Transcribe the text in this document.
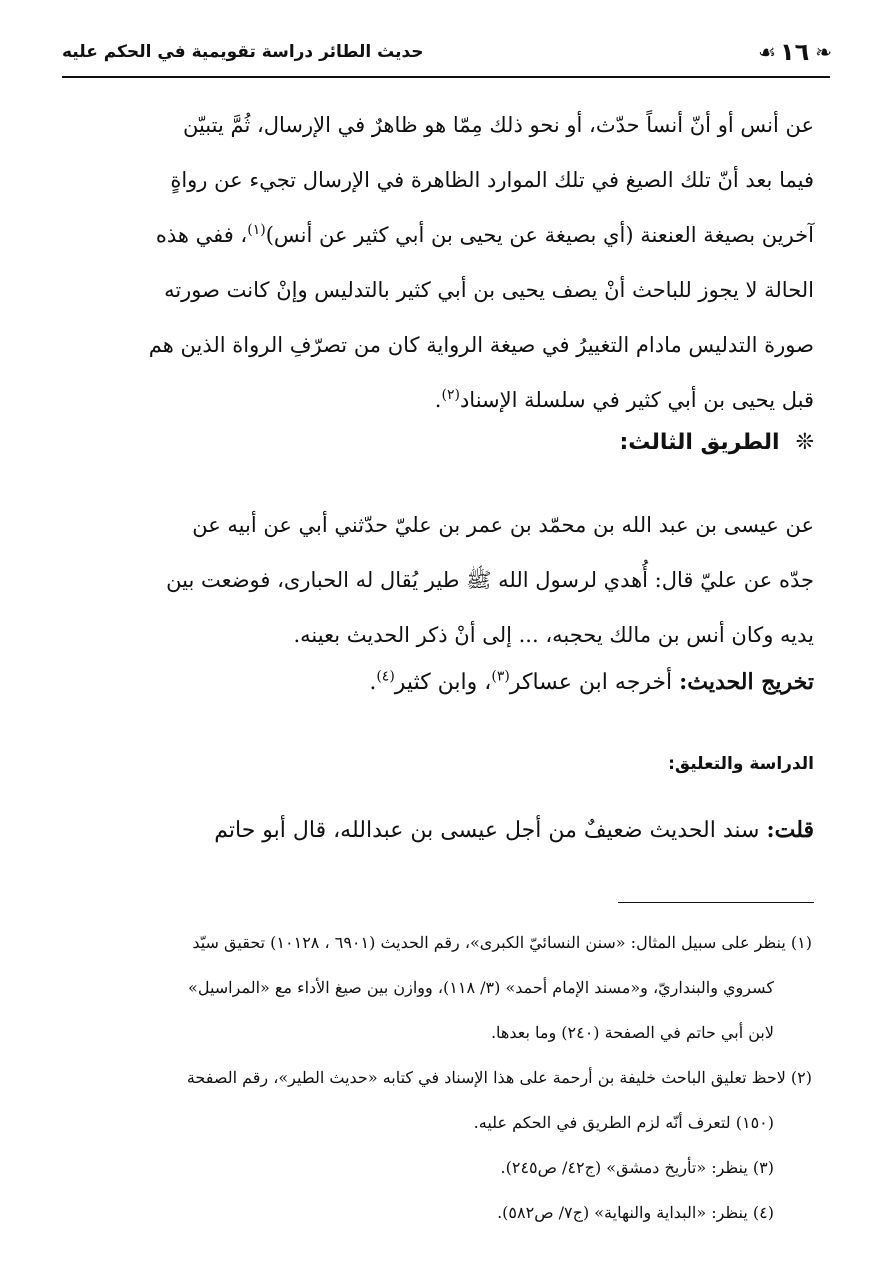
❧
١٦
☙
حديث الطائر دراسة تقويمية في الحكم عليه
عن أنس أو أنّ أنساً حدّث، أو نحو ذلك مِمّا هو ظاهرٌ في الإرسال، ثُمَّ يتبيّن
فيما بعد أنّ تلك الصيغ في تلك الموارد الظاهرة في الإرسال تجيء عن رواةٍ
آخرين بصيغة العنعنة (أي بصيغة عن يحيى بن أبي كثير عن أنس)$^{(١)}$، ففي هذه
الحالة لا يجوز للباحث أنْ يصف يحيى بن أبي كثير بالتدليس وإنْ كانت صورته
صورة التدليس مادام التغييرُ في صيغة الرواية كان من تصرّفِ الرواة الذين هم
قبل يحيى بن أبي كثير في سلسلة الإسناد$^{(٢)}$.
❊
الطريق الثالث:
عن عيسى بن عبد الله بن محمّد بن عمر بن عليّ حدّثني أبي عن أبيه عن
جدّه عن عليّ قال: أُهدي لرسول الله ﷺ طير يُقال له الحبارى، فوضعت بين
يديه وكان أنس بن مالك يحجبه، ... إلى أنْ ذكر الحديث بعينه.
تخريج الحديث: أخرجه ابن عساكر$^{(٣)}$، وابن كثير$^{(٤)}$.
الدراسة والتعليق:
قلت: سند الحديث ضعيفٌ من أجل عيسى بن عبدالله، قال أبو حاتم
(١) ينظر على سبيل المثال: «سنن النسائيّ الكبرى»، رقم الحديث (٦٩٠١ ، ١٠١٢٨) تحقيق سيّد
كسروي والبنداريّ، و«مسند الإمام أحمد» (٣/ ١١٨)، ووازن بين صيغ الأداء مع «المراسيل»
لابن أبي حاتم في الصفحة (٢٤٠) وما بعدها.
(٢) لاحظ تعليق الباحث خليفة بن أرحمة على هذا الإسناد في كتابه «حديث الطير»، رقم الصفحة
(١٥٠) لتعرف أنّه لزم الطريق في الحكم عليه.
(٣) ينظر: «تأريخ دمشق» (ج٤٢/ ص٢٤٥).
(٤) ينظر: «البداية والنهاية» (ج٧/ ص٥٨٢).
